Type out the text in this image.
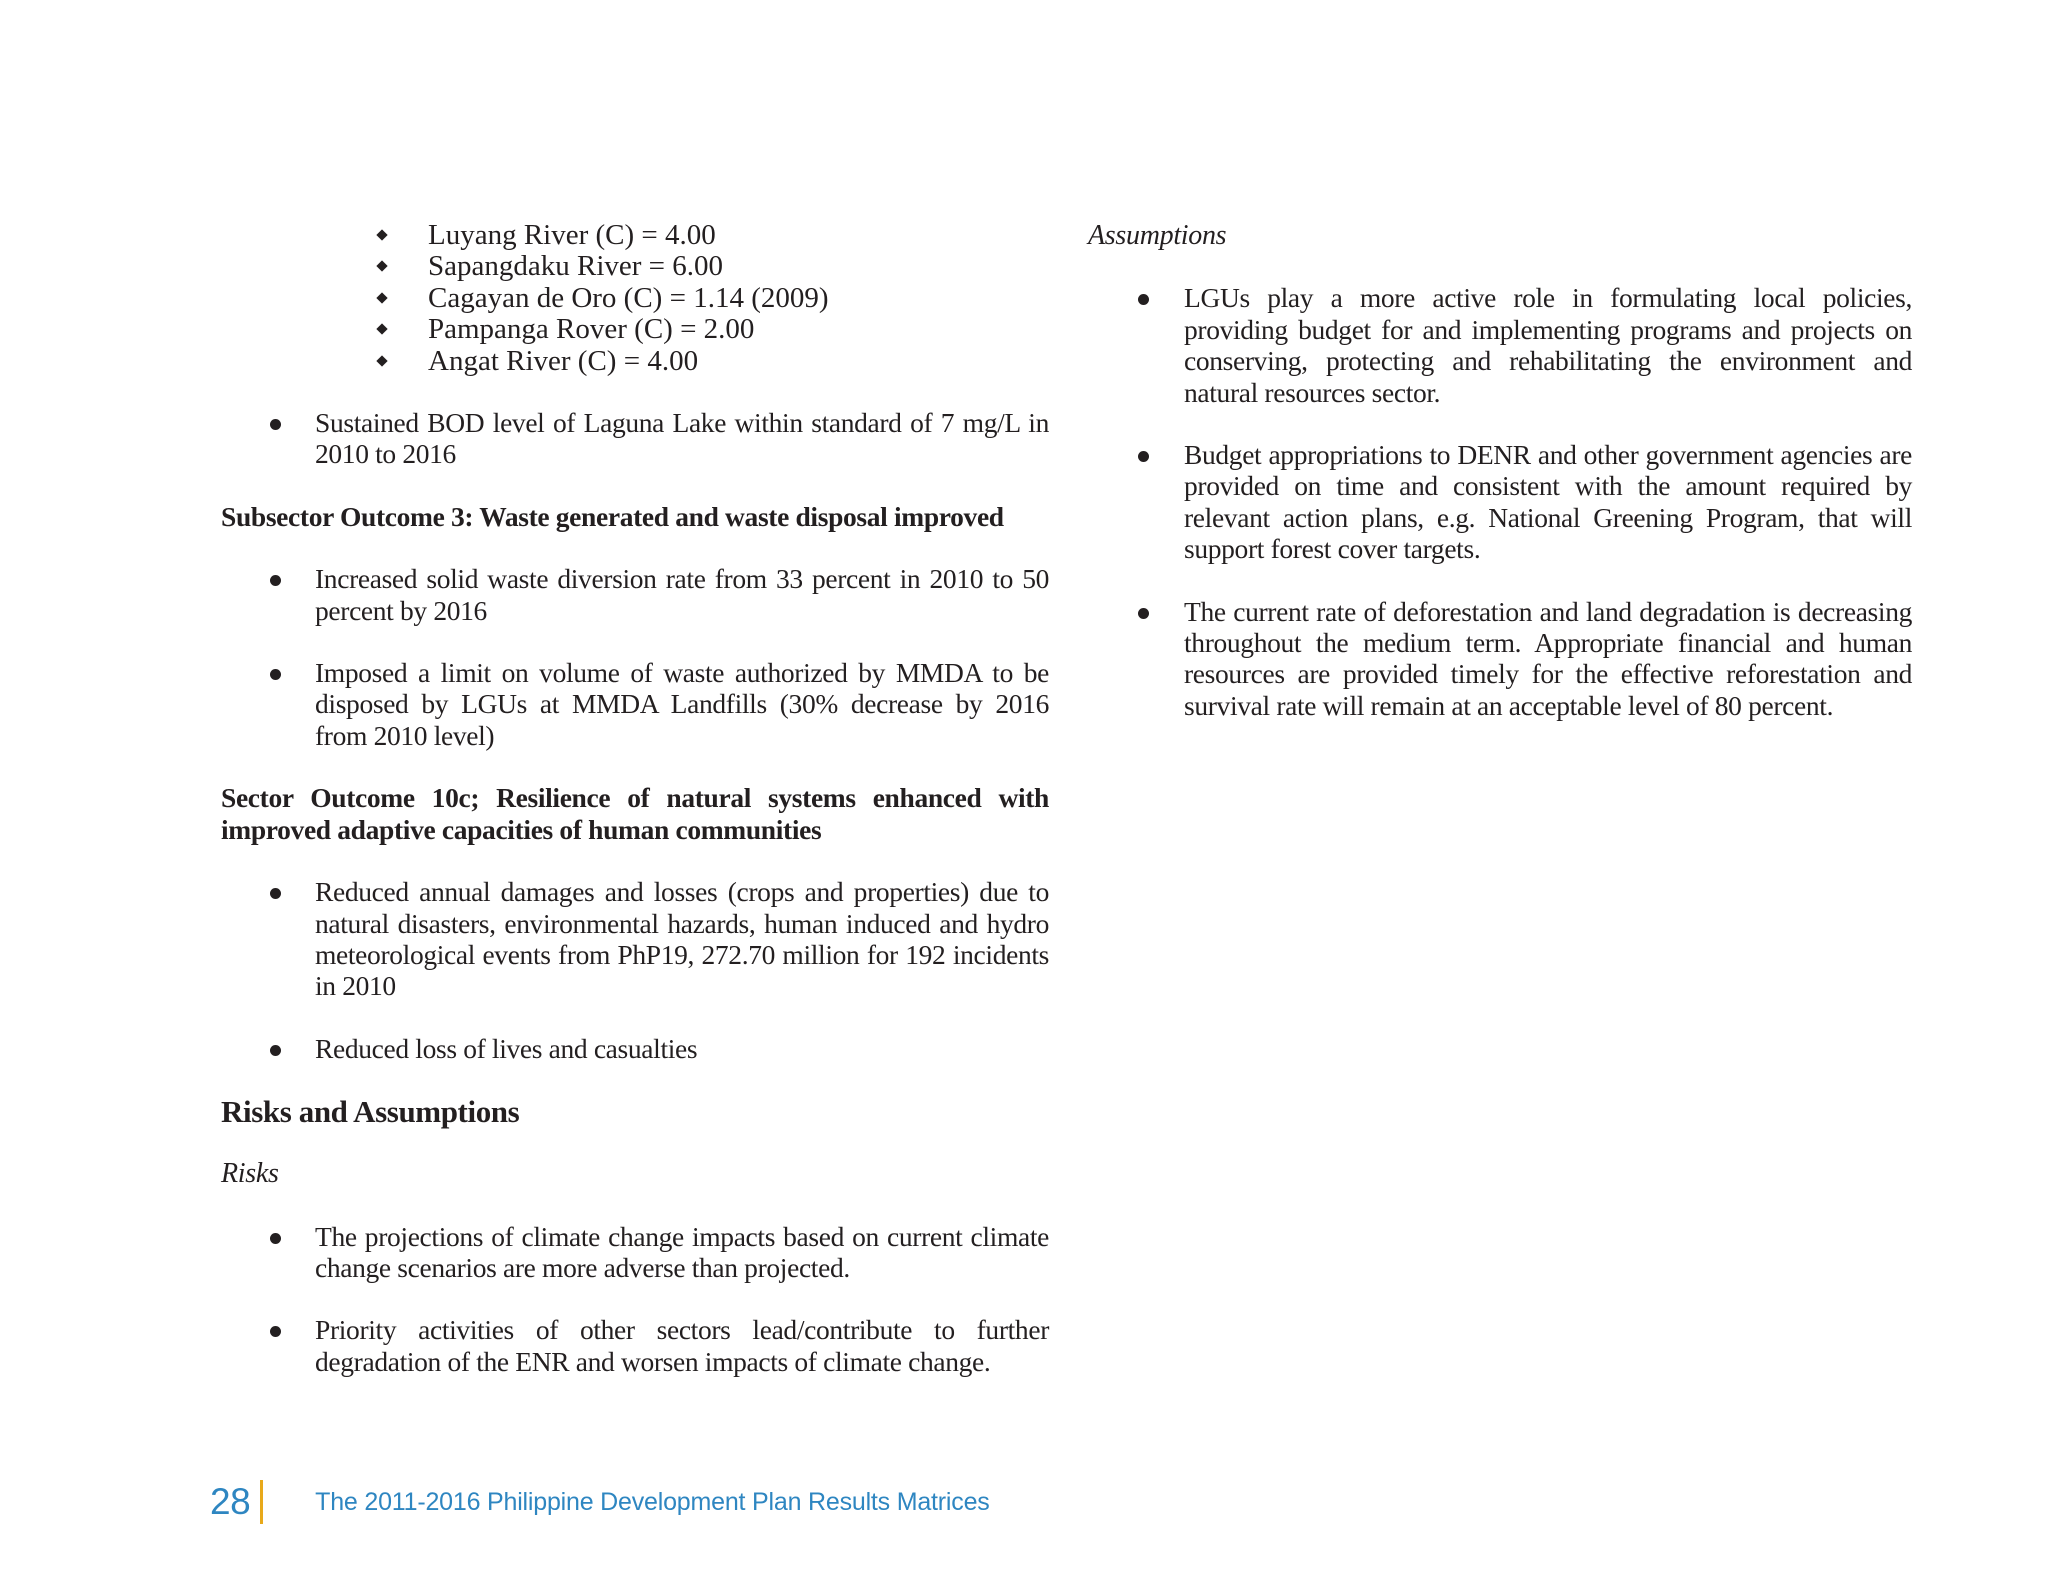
Luyang River (C) = 4.00
Sapangdaku River = 6.00
Cagayan de Oro (C) = 1.14 (2009)
Pampanga Rover (C) = 2.00
Angat River (C) = 4.00
Sustained BOD level of Laguna Lake within standard of 7 mg/L in 2010 to 2016

Subsector Outcome 3: Waste generated and waste disposal improved

Increased solid waste diversion rate from 33 percent in 2010 to 50 percent by 2016
Imposed a limit on volume of waste authorized by MMDA to be disposed by LGUs at MMDA Landfills (30% decrease by 2016 from 2010 level)

Sector Outcome 10c; Resilience of natural systems enhanced with improved adaptive capacities of human communities

Reduced annual damages and losses (crops and properties) due to natural disasters, environmental hazards, human induced and hydro meteorological events from PhP19, 272.70 million for 192 incidents in 2010
Reduced loss of lives and casualties
Risks and Assumptions

Risks

The projections of climate change impacts based on current climate change scenarios are more adverse than projected.
Priority activities of other sectors lead/contribute to further degradation of the ENR and worsen impacts of climate change.

Assumptions

LGUs play a more active role in formulating local policies, providing budget for and implementing programs and projects on conserving, protecting and rehabilitating the environment and natural resources sector.
Budget appropriations to DENR and other government agencies are provided on time and consistent with the amount required by relevant action plans, e.g. National Greening Program, that will support forest cover targets.
The current rate of deforestation and land degradation is decreasing throughout the medium term. Appropriate financial and human resources are provided timely for the effective reforestation and survival rate will remain at an acceptable level of 80 percent.
28	The 2011-2016 Philippine Development Plan Results Matrices
